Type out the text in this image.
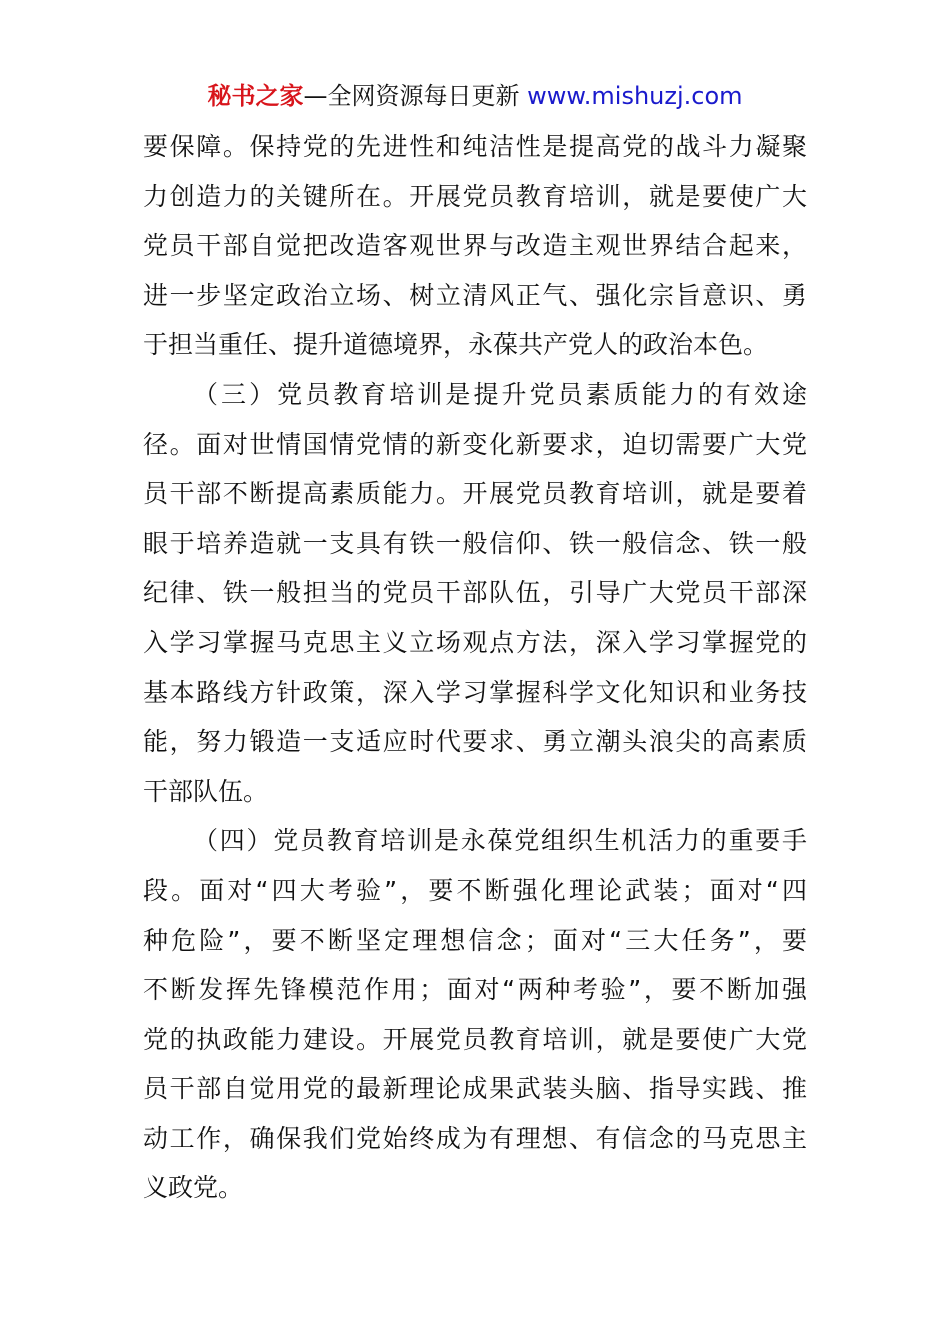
秘书之家—全网资源每日更新 www.mishuzj.com
要保障。保持党的先进性和纯洁性是提高党的战斗力凝聚
力创造力的关键所在。开展党员教育培训，就是要使广大
党员干部自觉把改造客观世界与改造主观世界结合起来，
进一步坚定政治立场、树立清风正气、强化宗旨意识、勇
于担当重任、提升道德境界，永葆共产党人的政治本色。
（三）党员教育培训是提升党员素质能力的有效途
径。面对世情国情党情的新变化新要求，迫切需要广大党
员干部不断提高素质能力。开展党员教育培训，就是要着
眼于培养造就一支具有铁一般信仰、铁一般信念、铁一般
纪律、铁一般担当的党员干部队伍，引导广大党员干部深
入学习掌握马克思主义立场观点方法，深入学习掌握党的
基本路线方针政策，深入学习掌握科学文化知识和业务技
能，努力锻造一支适应时代要求、勇立潮头浪尖的高素质
干部队伍。
（四）党员教育培训是永葆党组织生机活力的重要手
段。面对“四大考验”，要不断强化理论武装；面对“四
种危险”，要不断坚定理想信念；面对“三大任务”，要
不断发挥先锋模范作用；面对“两种考验”，要不断加强
党的执政能力建设。开展党员教育培训，就是要使广大党
员干部自觉用党的最新理论成果武装头脑、指导实践、推
动工作，确保我们党始终成为有理想、有信念的马克思主
义政党。
